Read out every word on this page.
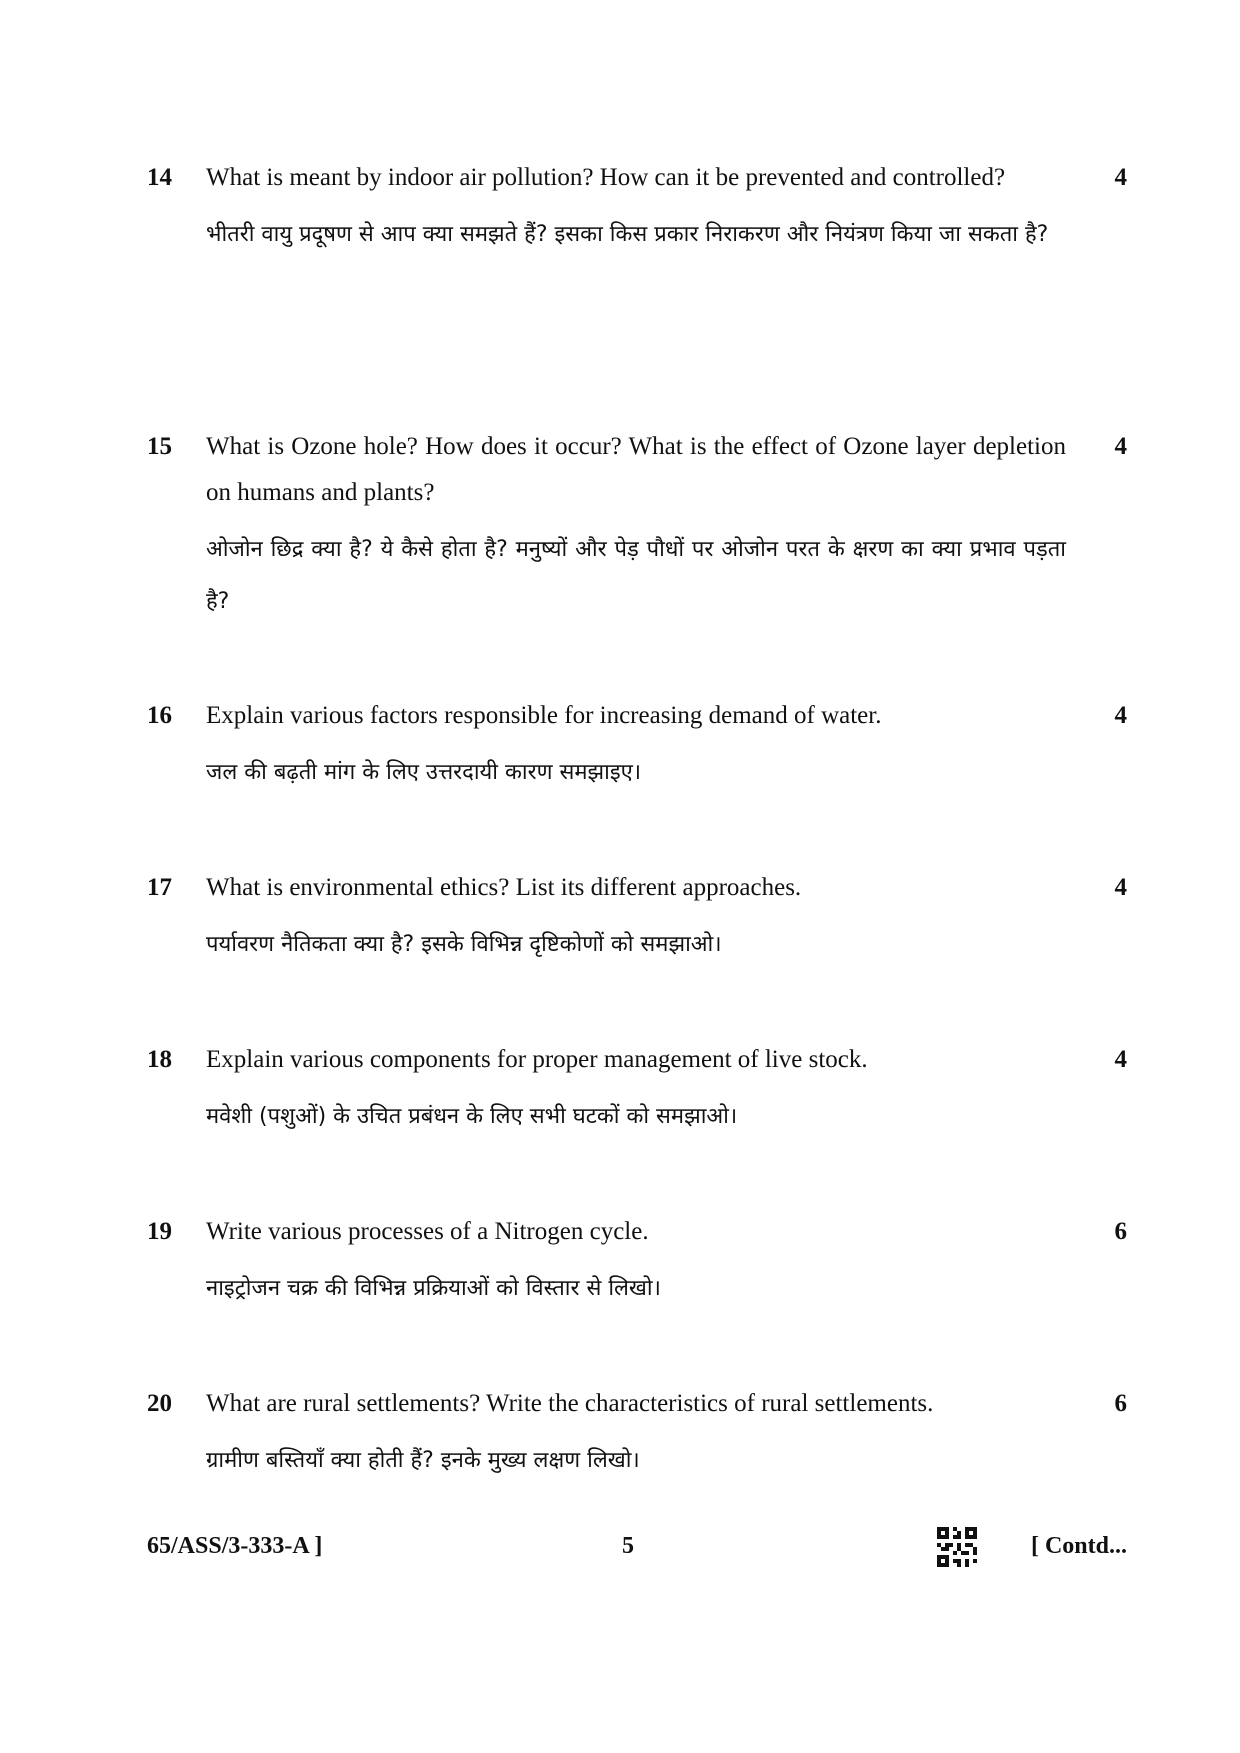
14	What is meant by indoor air pollution? How can it be prevented and controlled?

भीतरी वायु प्रदूषण से आप क्या समझते हैं? इसका किस प्रकार निराकरण और नियंत्रण किया जा सकता है?

4
15	What is Ozone hole? How does it occur? What is the effect of Ozone layer depletion on humans and plants?

ओजोन छिद्र क्या है? ये कैसे होता है? मनुष्यों और पेड़ पौधों पर ओजोन परत के क्षरण का क्या प्रभाव पड़ता है?

4
16	Explain various factors responsible for increasing demand of water.

जल की बढ़ती मांग के लिए उत्तरदायी कारण समझाइए।

4
17	What is environmental ethics? List its different approaches.

पर्यावरण नैतिकता क्या है? इसके विभिन्न दृष्टिकोणों को समझाओ।

4
18	Explain various components for proper management of live stock.

मवेशी (पशुओं) के उचित प्रबंधन के लिए सभी घटकों को समझाओ।

4
19	Write various processes of a Nitrogen cycle.

नाइट्रोजन चक्र की विभिन्न प्रक्रियाओं को विस्तार से लिखो।

6
20	What are rural settlements? Write the characteristics of rural settlements.

ग्रामीण बस्तियाँ क्या होती हैं? इनके मुख्य लक्षण लिखो।

6
65/ASS/3-333-A ]	5	[ Contd...
